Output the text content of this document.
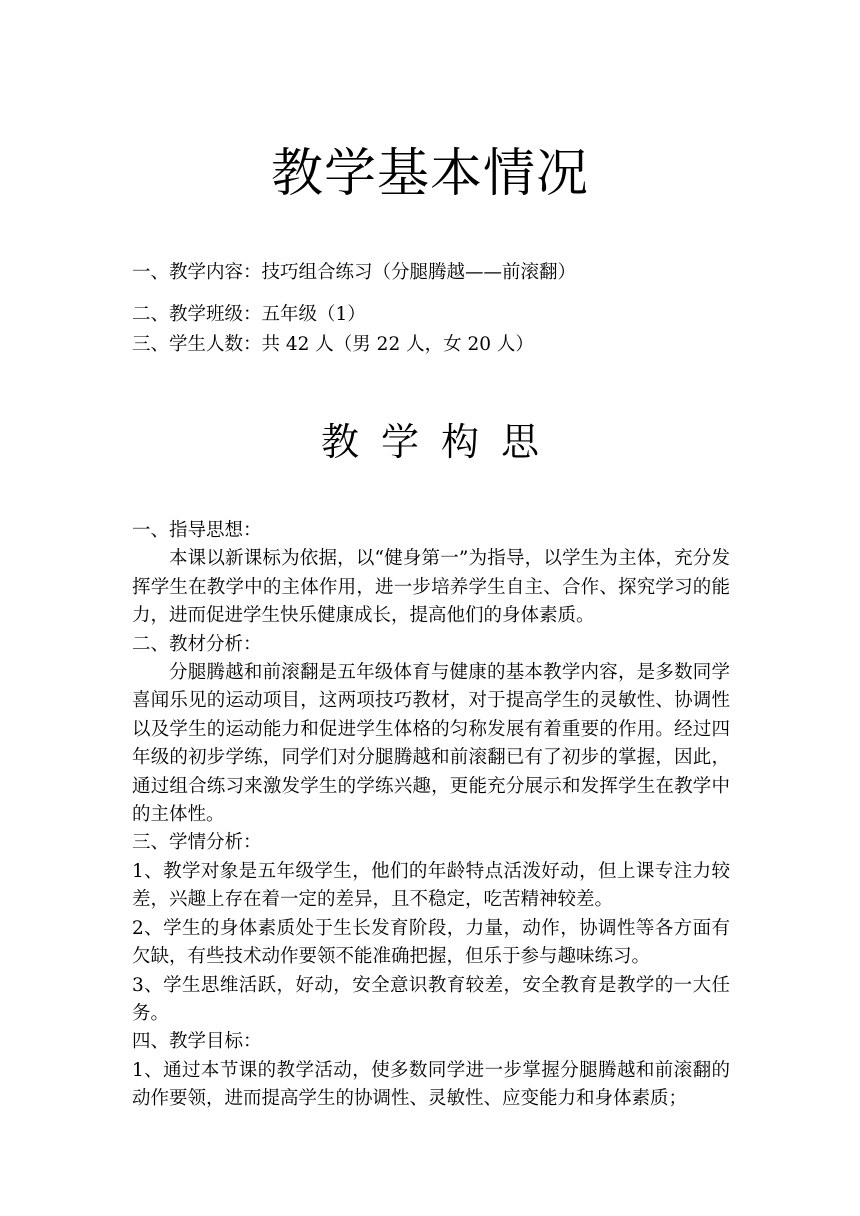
教学基本情况
一、教学内容：技巧组合练习（分腿腾越——前滚翻）
二、教学班级：五年级（1）
三、学生人数：共 42 人（男 22 人，女 20 人）
教学构思
一、指导思想：
本课以新课标为依据，以“健身第一”为指导，以学生为主体，充分发挥学生在教学中的主体作用，进一步培养学生自主、合作、探究学习的能力，进而促进学生快乐健康成长，提高他们的身体素质。
二、教材分析：
分腿腾越和前滚翻是五年级体育与健康的基本教学内容，是多数同学喜闻乐见的运动项目，这两项技巧教材，对于提高学生的灵敏性、协调性以及学生的运动能力和促进学生体格的匀称发展有着重要的作用。经过四年级的初步学练，同学们对分腿腾越和前滚翻已有了初步的掌握，因此，通过组合练习来激发学生的学练兴趣，更能充分展示和发挥学生在教学中的主体性。
三、学情分析：
1、教学对象是五年级学生，他们的年龄特点活泼好动，但上课专注力较差，兴趣上存在着一定的差异，且不稳定，吃苦精神较差。
2、学生的身体素质处于生长发育阶段，力量，动作，协调性等各方面有欠缺，有些技术动作要领不能准确把握，但乐于参与趣味练习。
3、学生思维活跃，好动，安全意识教育较差，安全教育是教学的一大任务。
四、教学目标：
1、通过本节课的教学活动，使多数同学进一步掌握分腿腾越和前滚翻的动作要领，进而提高学生的协调性、灵敏性、应变能力和身体素质；
